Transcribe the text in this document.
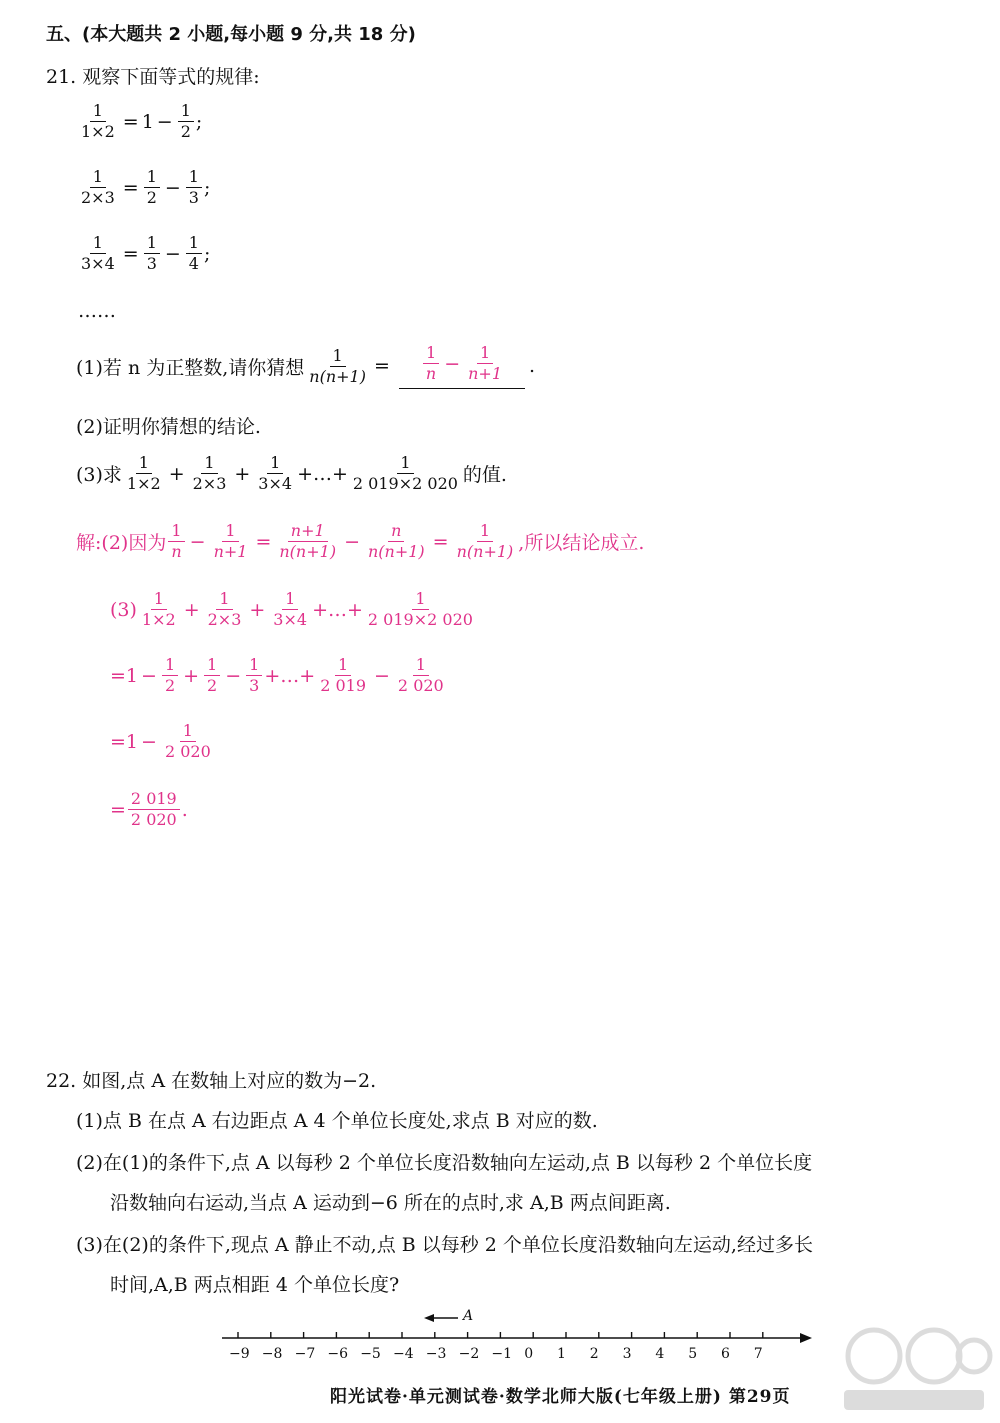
五、(本大题共 2 小题,每小题 9 分,共 18 分)
21. 观察下面等式的规律:
$\frac{1}{1\times 2} = 1 - \frac{1}{2}$ ;
$\frac{1}{2\times 3} = \frac{1}{2} - \frac{1}{3}$ ;
$\frac{1}{3\times 4} = \frac{1}{3} - \frac{1}{4}$ ;
……
(1)若 n 为正整数,请你猜想 $\frac{1}{n(n+1)} = \frac{1}{n} - \frac{1}{n+1}$ .
(2)证明你猜想的结论.
(3)求 $\frac{1}{1\times 2} + \frac{1}{2\times 3} + \frac{1}{3\times 4}$ +…+ $\frac{1}{2 019\times 2 020}$ 的值.
解:(2)因为 $\frac{1}{n} - \frac{1}{n+1} = \frac{n+1}{n(n+1)} - \frac{n}{n(n+1)} = \frac{1}{n(n+1)}$ ,所以结论成立.
$(3) \frac{1}{1\times 2} + \frac{1}{2\times 3} + \frac{1}{3\times 4}$ +…+ $\frac{1}{2 019\times 2 020}$
= $1 - \frac{1}{2} + \frac{1}{2} - \frac{1}{3}$ +…+ $\frac{1}{2 019} - \frac{1}{2 020}$
= $1 - \frac{1}{2 020}$
= $\frac{2 019}{2 020}$ .
22. 如图,点 A 在数轴上对应的数为−2.
(1)点 B 在点 A 右边距点 A 4 个单位长度处,求点 B 对应的数.
(2)在(1)的条件下,点 A 以每秒 2 个单位长度沿数轴向左运动,点 B 以每秒 2 个单位长度
沿数轴向右运动,当点 A 运动到−6 所在的点时,求 A,B 两点间距离.
(3)在(2)的条件下,现点 A 静止不动,点 B 以每秒 2 个单位长度沿数轴向左运动,经过多长
时间,A,B 两点相距 4 个单位长度?
A
−9 −8 −7 −6 −5 −4 −3 −2 −1 0 1 2 3 4 5 6 7
阳光试卷·单元测试卷·数学北师大版(七年级上册) 第29页
